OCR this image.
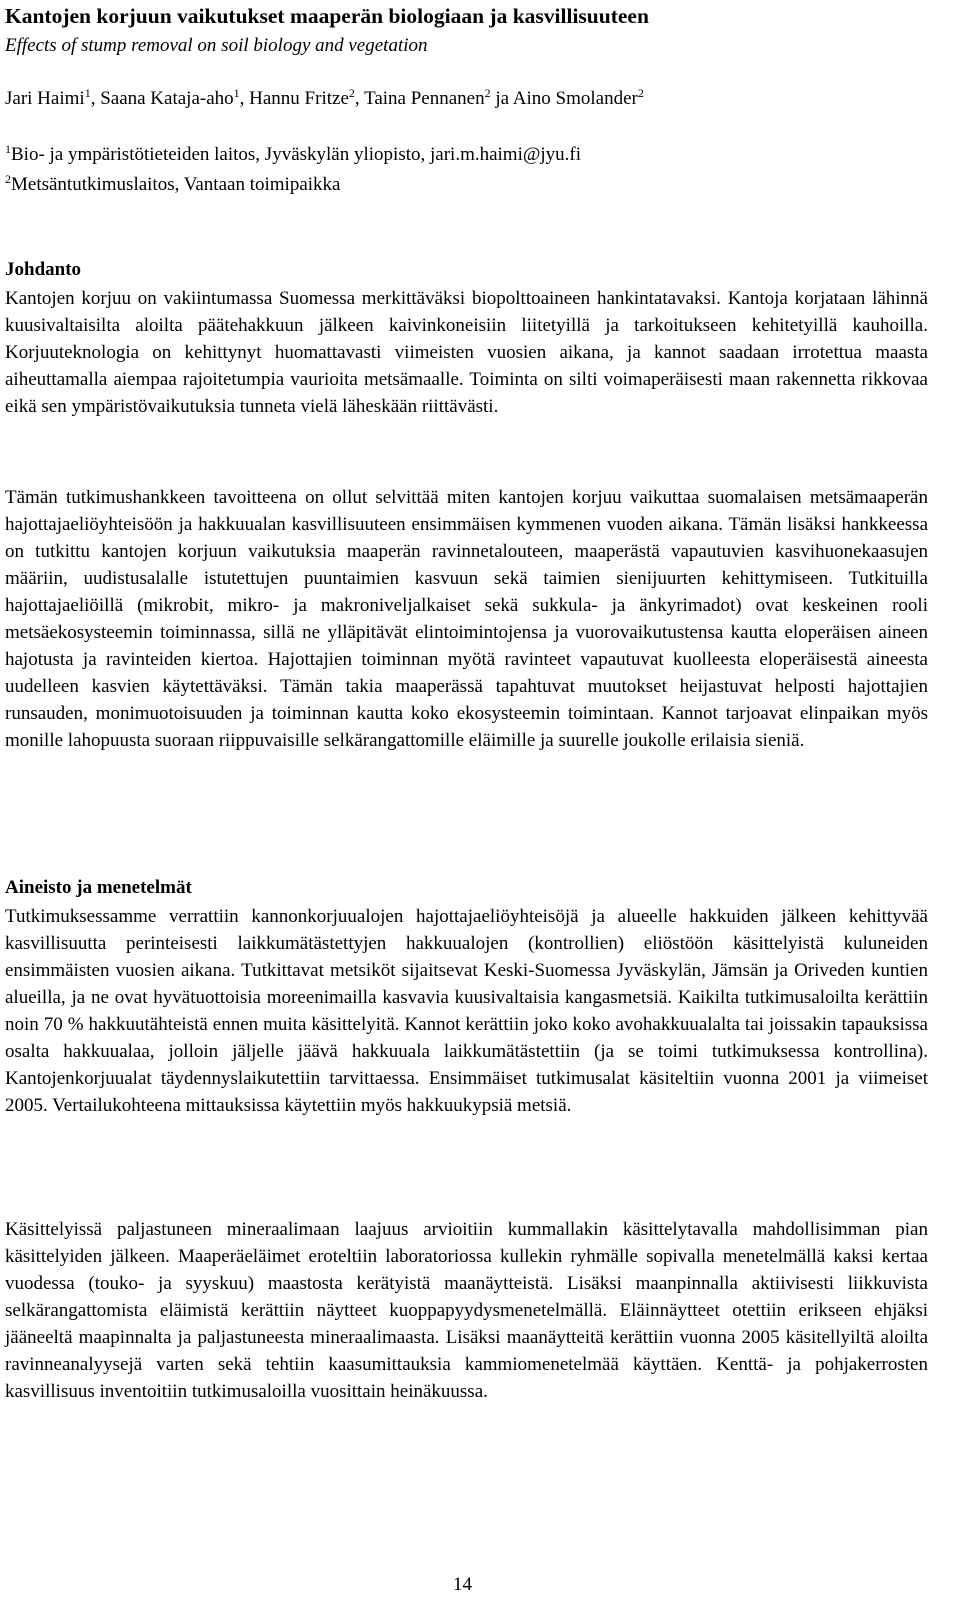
Kantojen korjuun vaikutukset maaperän biologiaan ja kasvillisuuteen
Effects of stump removal on soil biology and vegetation
Jari Haimi$^1$, Saana Kataja-aho$^1$, Hannu Fritze$^2$, Taina Pennanen$^2$ ja Aino Smolander$^2$
$^1$Bio- ja ympäristötieteiden laitos, Jyväskylän yliopisto, jari.m.haimi@jyu.fi
$^2$Metsäntutkimuslaitos, Vantaan toimipaikka
Johdanto

Kantojen korjuu on vakiintumassa Suomessa merkittäväksi biopolttoaineen hankintatavaksi. Kantoja korjataan lähinnä kuusivaltaisilta aloilta päätehakkuun jälkeen kaivinkoneisiin liitetyillä ja tarkoitukseen kehitetyillä kauhoilla. Korjuuteknologia on kehittynyt huomattavasti viimeisten vuosien aikana, ja kannot saadaan irrotettua maasta aiheuttamalla aiempaa rajoitetumpia vaurioita metsämaalle. Toiminta on silti voimaperäisesti maan rakennetta rikkovaa eikä sen ympäristövaikutuksia tunneta vielä läheskään riittävästi.

Tämän tutkimushankkeen tavoitteena on ollut selvittää miten kantojen korjuu vaikuttaa suomalaisen metsämaaperän hajottajaeliöyhteisöön ja hakkuualan kasvillisuuteen ensimmäisen kymmenen vuoden aikana. Tämän lisäksi hankkeessa on tutkittu kantojen korjuun vaikutuksia maaperän ravinnetalouteen, maaperästä vapautuvien kasvihuonekaasujen määriin, uudistusalalle istutettujen puuntaimien kasvuun sekä taimien sienijuurten kehittymiseen. Tutkituilla hajottajaeliöillä (mikrobit, mikro- ja makroniveljalkaiset sekä sukkula- ja änkyrimadot) ovat keskeinen rooli metsäekosysteemin toiminnassa, sillä ne ylläpitävät elintoimintojensa ja vuorovaikutustensa kautta eloperäisen aineen hajotusta ja ravinteiden kiertoa. Hajottajien toiminnan myötä ravinteet vapautuvat kuolleesta eloperäisestä aineesta uudelleen kasvien käytettäväksi. Tämän takia maaperässä tapahtuvat muutokset heijastuvat helposti hajottajien runsauden, monimuotoisuuden ja toiminnan kautta koko ekosysteemin toimintaan. Kannot tarjoavat elinpaikan myös monille lahopuusta suoraan riippuvaisille selkärangattomille eläimille ja suurelle joukolle erilaisia sieniä.

Aineisto ja menetelmät

Tutkimuksessamme verrattiin kannonkorjuualojen hajottajaeliöyhteisöjä ja alueelle hakkuiden jälkeen kehittyvää kasvillisuutta perinteisesti laikkumätästettyjen hakkuualojen (kontrollien) eliöstöön käsittelyistä kuluneiden ensimmäisten vuosien aikana. Tutkittavat metsiköt sijaitsevat Keski-Suomessa Jyväskylän, Jämsän ja Oriveden kuntien alueilla, ja ne ovat hyvätuottoisia moreenimailla kasvavia kuusivaltaisia kangasmetsiä. Kaikilta tutkimusaloilta kerättiin noin 70 % hakkuutähteistä ennen muita käsittelyitä. Kannot kerättiin joko koko avohakkuualalta tai joissakin tapauksissa osalta hakkuualaa, jolloin jäljelle jäävä hakkuuala laikkumätästettiin (ja se toimi tutkimuksessa kontrollina). Kantojenkorjuualat täydennyslaikutettiin tarvittaessa. Ensimmäiset tutkimusalat käsiteltiin vuonna 2001 ja viimeiset 2005. Vertailukohteena mittauksissa käytettiin myös hakkuukypsiä metsiä.

Käsittelyissä paljastuneen mineraalimaan laajuus arvioitiin kummallakin käsittelytavalla mahdollisimman pian käsittelyiden jälkeen. Maaperäeläimet eroteltiin laboratoriossa kullekin ryhmälle sopivalla menetelmällä kaksi kertaa vuodessa (touko- ja syyskuu) maastosta kerätyistä maanäytteistä. Lisäksi maanpinnalla aktiivisesti liikkuvista selkärangattomista eläimistä kerättiin näytteet kuoppapyydysmenetelmällä. Eläinnäytteet otettiin erikseen ehjäksi jääneeltä maapinnalta ja paljastuneesta mineraalimaasta. Lisäksi maanäytteitä kerättiin vuonna 2005 käsitellyiltä aloilta ravinneanalyysejä varten sekä tehtiin kaasumittauksia kammiomenetelmää käyttäen. Kenttä- ja pohjakerrosten kasvillisuus inventoitiin tutkimusaloilla vuosittain heinäkuussa.

14
